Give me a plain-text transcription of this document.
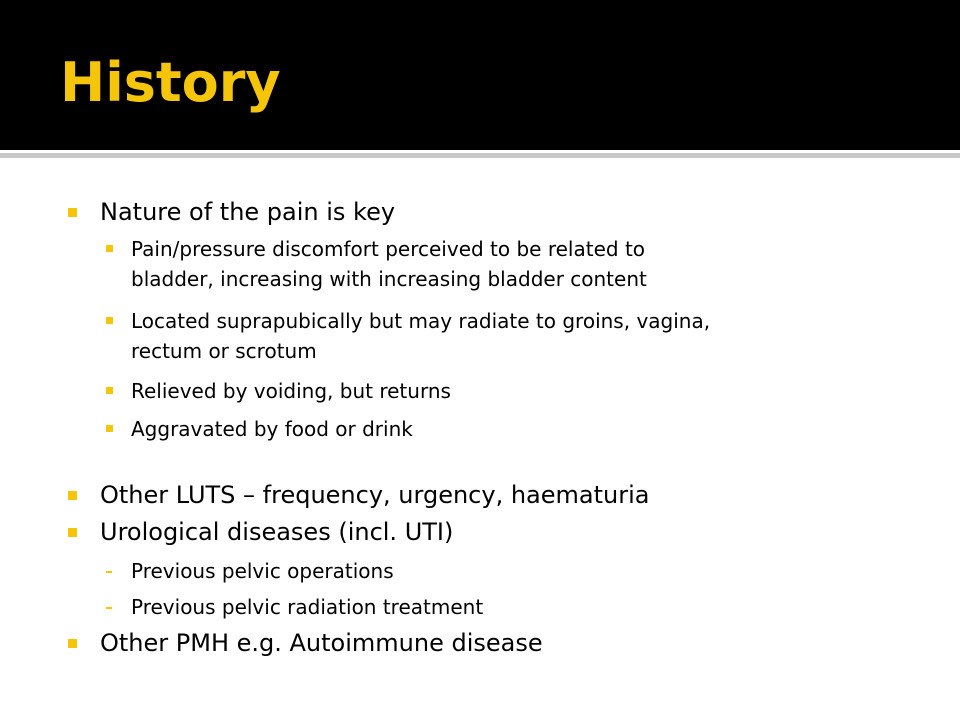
History
Nature of the pain is key
Pain/pressure discomfort perceived to be related to
bladder, increasing with increasing bladder content
Located suprapubically but may radiate to groins, vagina,
rectum or scrotum
Relieved by voiding, but returns
Aggravated by food or drink
Other LUTS – frequency, urgency, haematuria
Urological diseases (incl. UTI)
Previous pelvic operations
Previous pelvic radiation treatment
Other PMH e.g. Autoimmune disease
